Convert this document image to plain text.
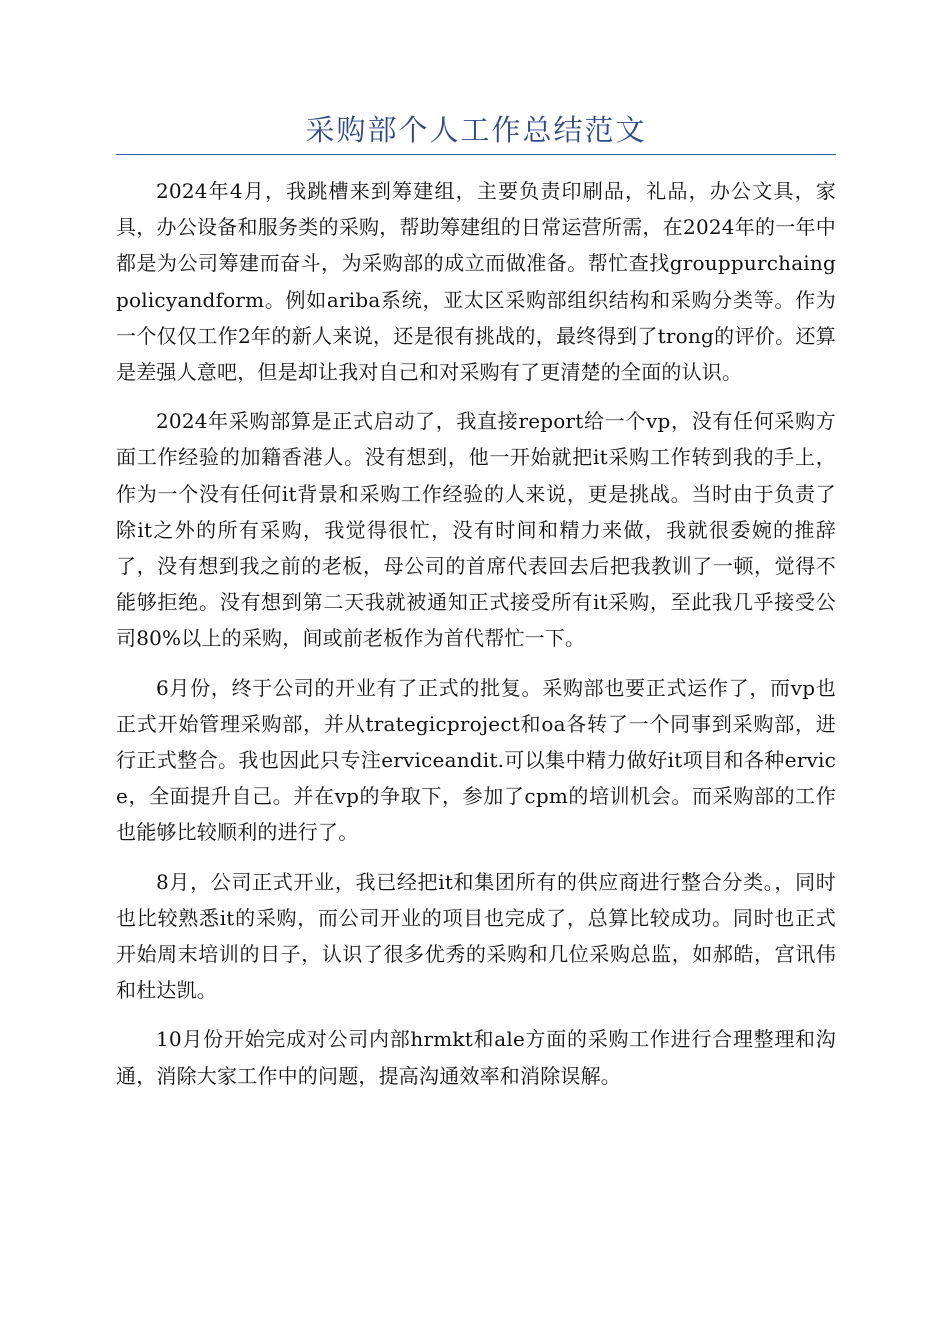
采购部个人工作总结范文

2024年4月，我跳槽来到筹建组，主要负责印刷品，礼品，办公文具，家具，办公设备和服务类的采购，帮助筹建组的日常运营所需，在2024年的一年中都是为公司筹建而奋斗，为采购部的成立而做准备。帮忙查找grouppurchaingpolicyandform。例如ariba系统，亚太区采购部组织结构和采购分类等。作为一个仅仅工作2年的新人来说，还是很有挑战的，最终得到了trong的评价。还算是差强人意吧，但是却让我对自己和对采购有了更清楚的全面的认识。

2024年采购部算是正式启动了，我直接report给一个vp，没有任何采购方面工作经验的加籍香港人。没有想到，他一开始就把it采购工作转到我的手上，作为一个没有任何it背景和采购工作经验的人来说，更是挑战。当时由于负责了除it之外的所有采购，我觉得很忙，没有时间和精力来做，我就很委婉的推辞了，没有想到我之前的老板，母公司的首席代表回去后把我教训了一顿，觉得不能够拒绝。没有想到第二天我就被通知正式接受所有it采购，至此我几乎接受公司80%以上的采购，间或前老板作为首代帮忙一下。

6月份，终于公司的开业有了正式的批复。采购部也要正式运作了，而vp也正式开始管理采购部，并从trategicproject和oa各转了一个同事到采购部，进行正式整合。我也因此只专注erviceandit.可以集中精力做好it项目和各种ervice，全面提升自己。并在vp的争取下，参加了cpm的培训机会。而采购部的工作也能够比较顺利的进行了。

8月，公司正式开业，我已经把it和集团所有的供应商进行整合分类。，同时也比较熟悉it的采购，而公司开业的项目也完成了，总算比较成功。同时也正式开始周末培训的日子，认识了很多优秀的采购和几位采购总监，如郝皓，宫讯伟和杜达凯。

10月份开始完成对公司内部hrmkt和ale方面的采购工作进行合理整理和沟通，消除大家工作中的问题，提高沟通效率和消除误解。
